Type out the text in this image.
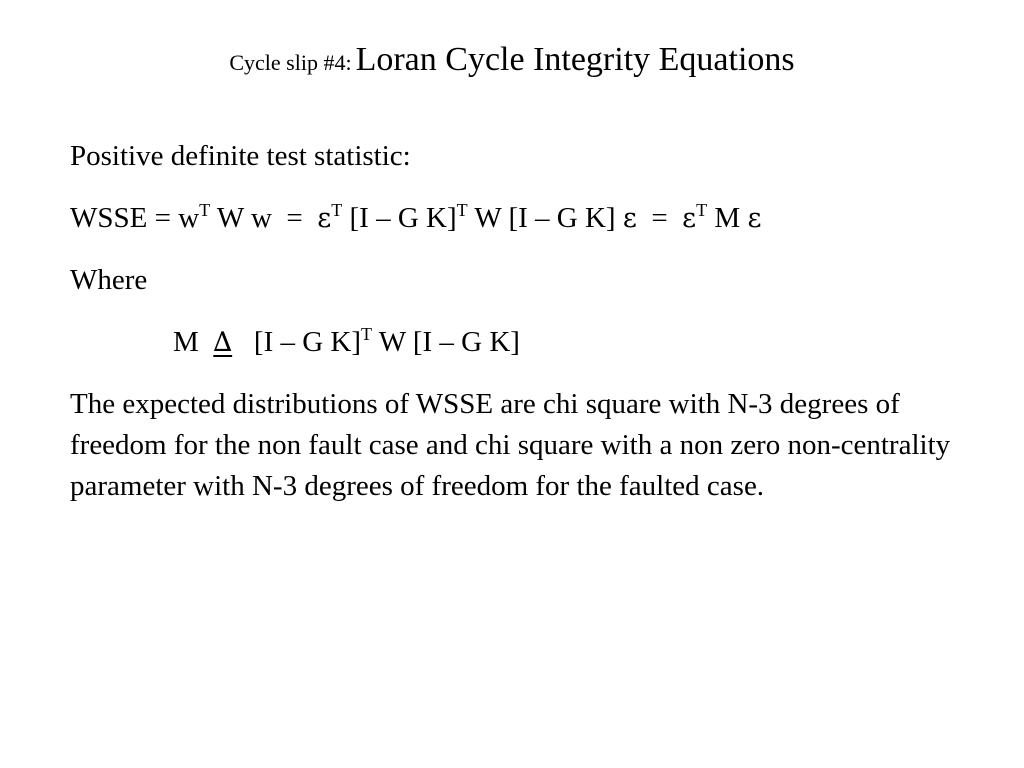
Cycle slip #4: Loran Cycle Integrity Equations
Positive definite test statistic:
WSSE = $w^T$ W $w = \varepsilon^T$ [I – G K]$^T$ W [I – G K] $\varepsilon = \varepsilon^T$ M ε
Where
M  ∆   [I – G K]$^T$ W [I – G K]
The expected distributions of WSSE are chi square with N-3 degrees of freedom for the non fault case and chi square with a non zero non-centrality parameter with N-3 degrees of freedom for the faulted case.
